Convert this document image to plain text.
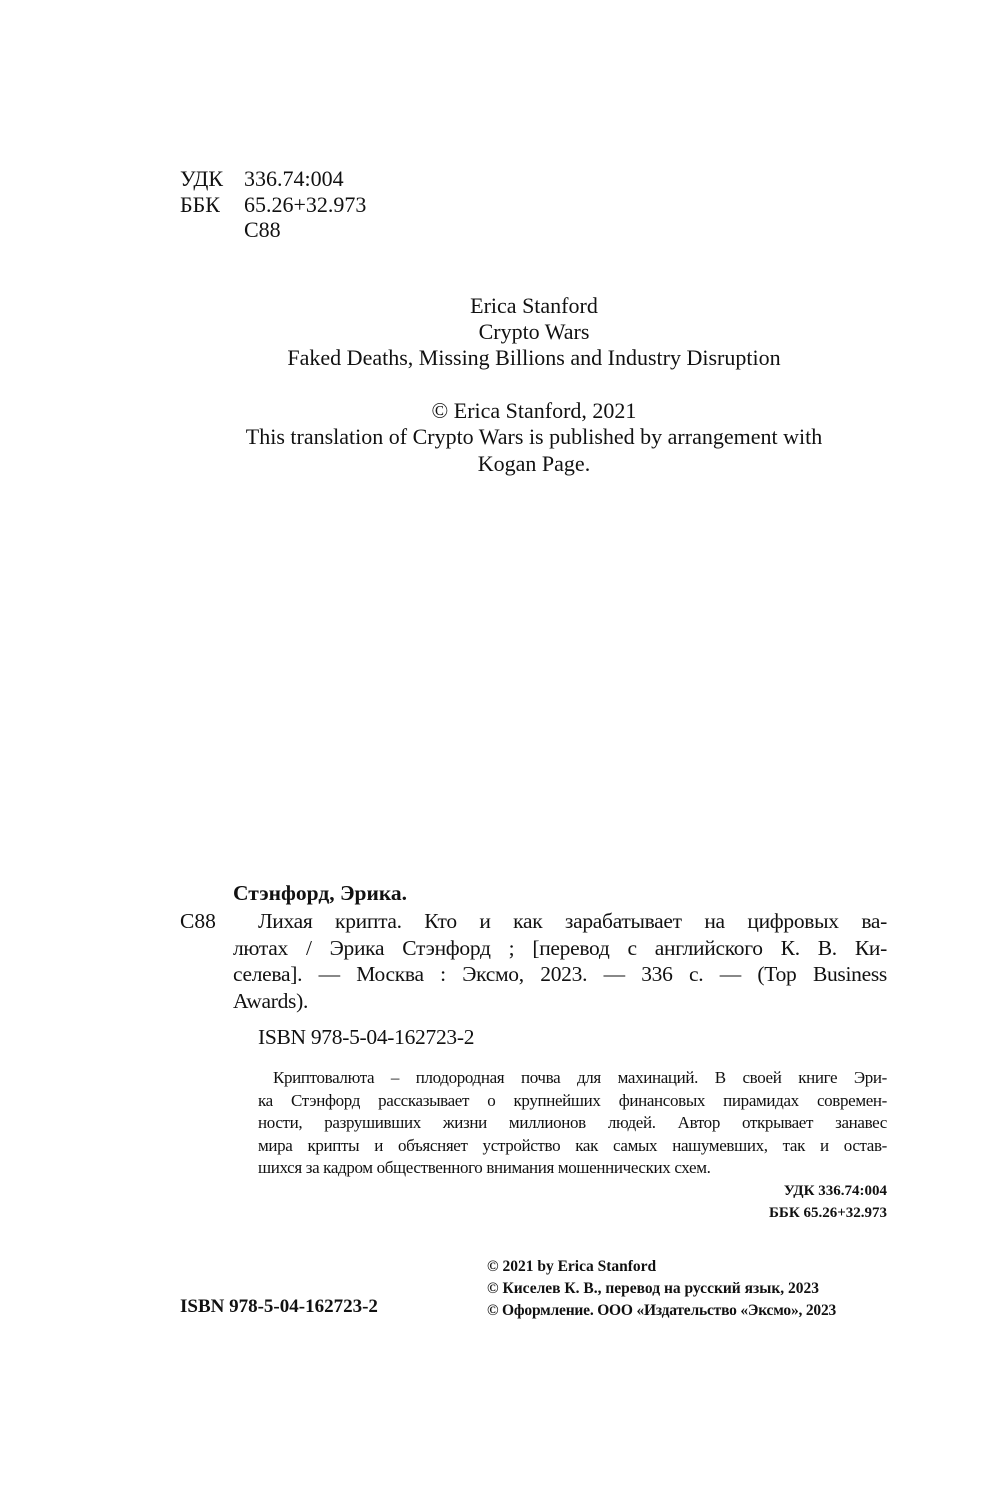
УДК 336.74:004
ББК 65.26+32.973
С88
Erica Stanford
Crypto Wars
Faked Deaths, Missing Billions and Industry Disruption
© Erica Stanford, 2021
This translation of Crypto Wars is published by arrangement with
Kogan Page.
Стэнфорд, Эрика.
С88 Лихая крипта. Кто и как зарабатывает на цифровых ва-
лютах / Эрика Стэнфорд ; [перевод с английского К. В. Ки-
селева]. — Москва : Эксмо, 2023. — 336 с. — (Top Business
Awards).
ISBN 978-5-04-162723-2
Криптовалюта – плодородная почва для махинаций. В своей книге Эри-
ка Стэнфорд рассказывает о крупнейших финансовых пирамидах современ-
ности, разрушивших жизни миллионов людей. Автор открывает занавес
мира крипты и объясняет устройство как самых нашумевших, так и остав-
шихся за кадром общественного внимания мошеннических схем.
УДК 336.74:004
ББК 65.26+32.973
ISBN 978-5-04-162723-2
© 2021 by Erica Stanford
© Киселев К. В., перевод на русский язык, 2023
© Оформление. ООО «Издательство «Эксмо», 2023
